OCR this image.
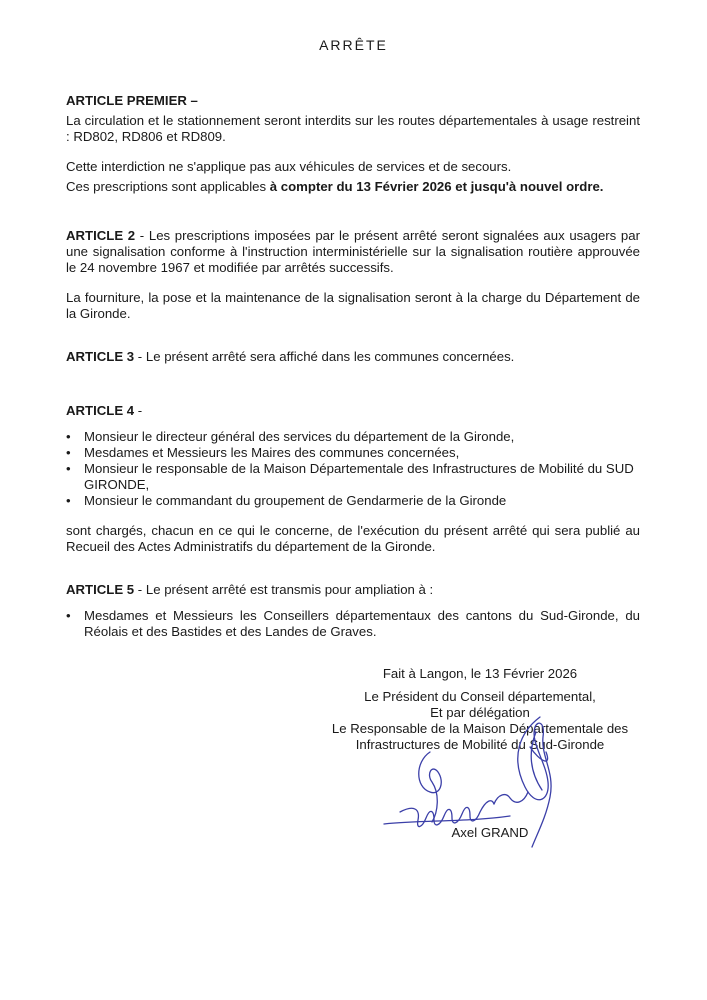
ARRÊTE

ARTICLE PREMIER –

La circulation et le stationnement seront interdits sur les routes départementales à usage restreint : RD802, RD806 et RD809.

Cette interdiction ne s'applique pas aux véhicules de services et de secours.

Ces prescriptions sont applicables à compter du 13 Février 2026 et jusqu'à nouvel ordre.

ARTICLE 2 - Les prescriptions imposées par le présent arrêté seront signalées aux usagers par une signalisation conforme à l'instruction interministérielle sur la signalisation routière approuvée le 24 novembre 1967 et modifiée par arrêtés successifs.

La fourniture, la pose et la maintenance de la signalisation seront à la charge du Département de la Gironde.

ARTICLE 3 - Le présent arrêté sera affiché dans les communes concernées.

ARTICLE 4 -

• Monsieur le directeur général des services du département de la Gironde,
• Mesdames et Messieurs les Maires des communes concernées,
• Monsieur le responsable de la Maison Départementale des Infrastructures de Mobilité du SUD GIRONDE,
• Monsieur le commandant du groupement de Gendarmerie de la Gironde

sont chargés, chacun en ce qui le concerne, de l'exécution du présent arrêté qui sera publié au Recueil des Actes Administratifs du département de la Gironde.

ARTICLE 5 - Le présent arrêté est transmis pour ampliation à :

• Mesdames et Messieurs les Conseillers départementaux des cantons du Sud-Gironde, du Réolais et des Bastides et des Landes de Graves.
Fait à Langon, le 13 Février 2026
Le Président du Conseil départemental,
Et par délégation
Le Responsable de la Maison Départementale des
Infrastructures de Mobilité du Sud-Gironde
Axel GRAND
